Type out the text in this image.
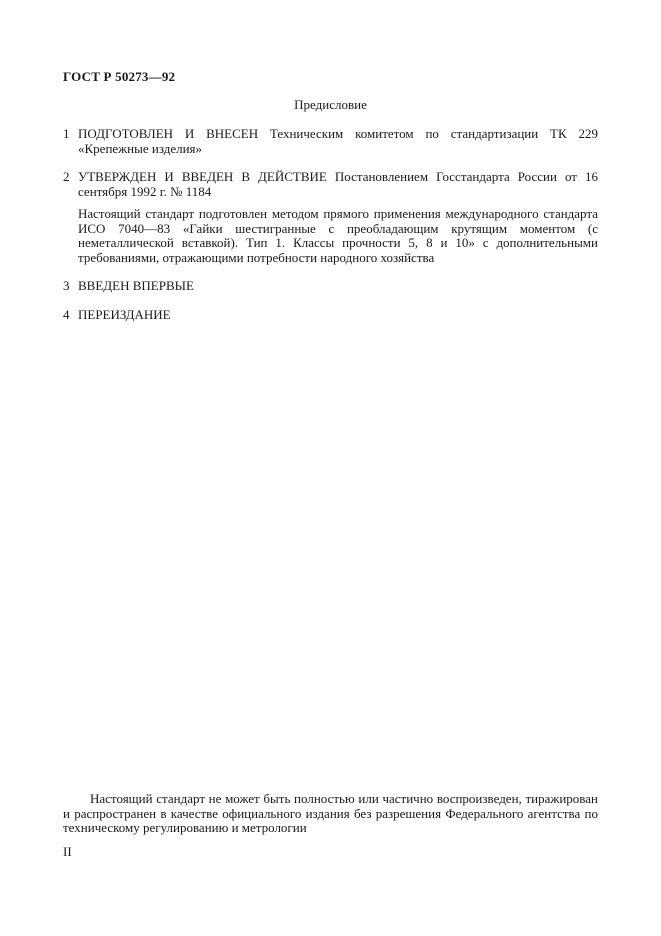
ГОСТ Р 50273—92
Предисловие
1 ПОДГОТОВЛЕН И ВНЕСЕН Техническим комитетом по стандартизации ТК 229 «Крепежные изделия»
2 УТВЕРЖДЕН И ВВЕДЕН В ДЕЙСТВИЕ Постановлением Госстандарта России от 16 сентября 1992 г. № 1184
Настоящий стандарт подготовлен методом прямого применения международного стандарта ИСО 7040—83 «Гайки шестигранные с преобладающим крутящим моментом (с неметаллической вставкой). Тип 1. Классы прочности 5, 8 и 10» с дополнительными требованиями, отражающими потребности народного хозяйства
3 ВВЕДЕН ВПЕРВЫЕ
4 ПЕРЕИЗДАНИЕ
Настоящий стандарт не может быть полностью или частично воспроизведен, тиражирован и распространен в качестве официального издания без разрешения Федерального агентства по техническому регулированию и метрологии
II
